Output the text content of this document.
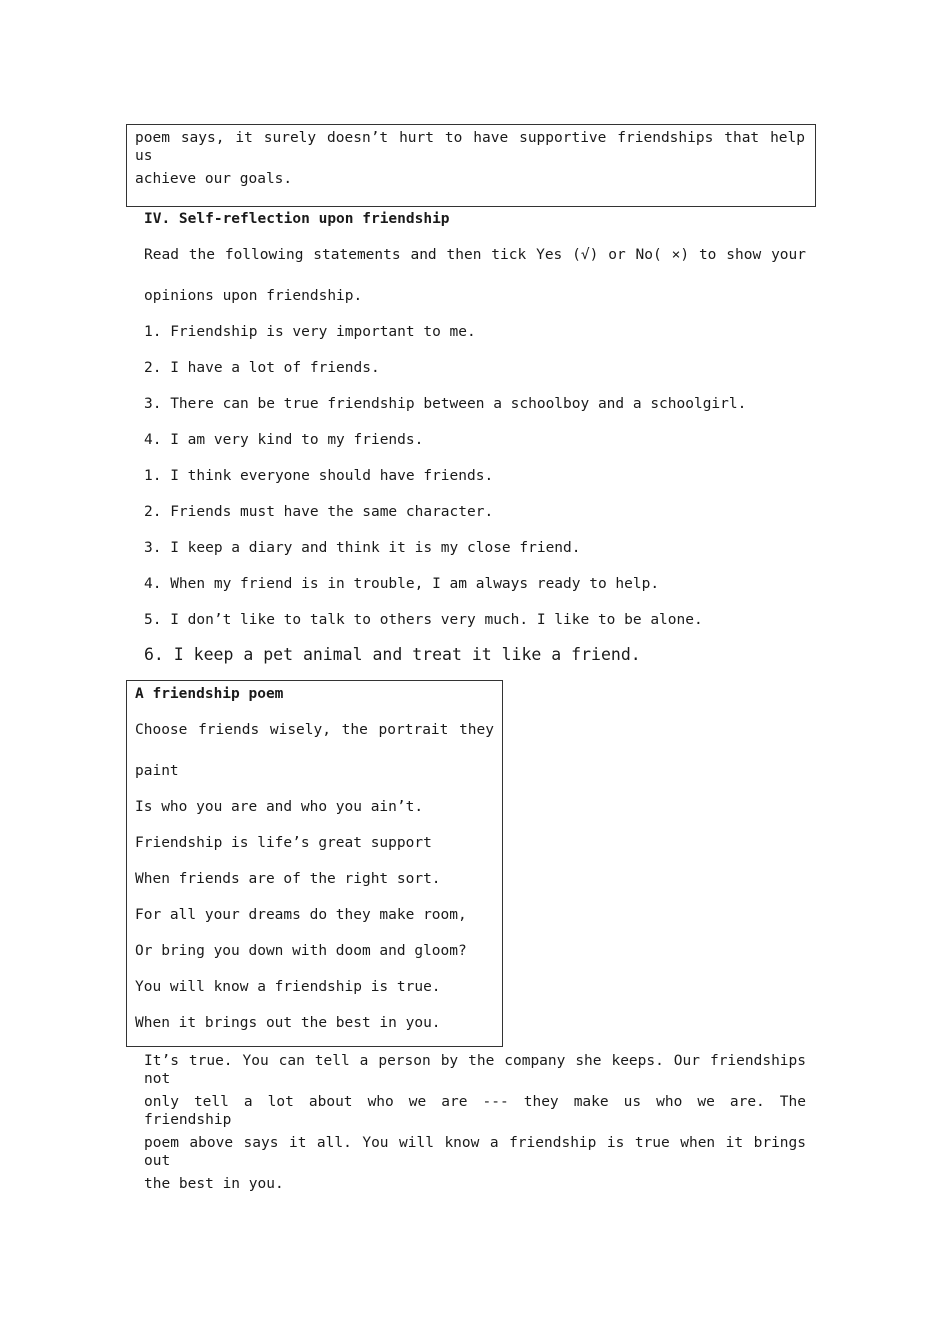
poem says, it surely doesn’t hurt to have supportive friendships that help us
achieve our goals.
IV. Self-reflection upon friendship
Read the following statements and then tick Yes (√) or No( ×) to show your
opinions upon friendship.
1. Friendship is very important to me.
2. I have a lot of friends.
3. There can be true friendship between a schoolboy and a schoolgirl.
4. I am very kind to my friends.
1. I think everyone should have friends.
2. Friends must have the same character.
3. I keep a diary and think it is my close friend.
4. When my friend is in trouble, I am always ready to help.
5. I don’t like to talk to others very much. I like to be alone.
6. I keep a pet animal and treat it like a friend.
A friendship poem
Choose friends wisely, the portrait they
paint
Is who you are and who you ain’t.
Friendship is life’s great support
When friends are of the right sort.
For all your dreams do they make room,
Or bring you down with doom and gloom?
You will know a friendship is true.
When it brings out the best in you.
It’s true. You can tell a person by the company she keeps. Our friendships not
only tell a lot about who we are --- they make us who we are. The friendship
poem above says it all. You will know a friendship is true when it brings out
the best in you.
